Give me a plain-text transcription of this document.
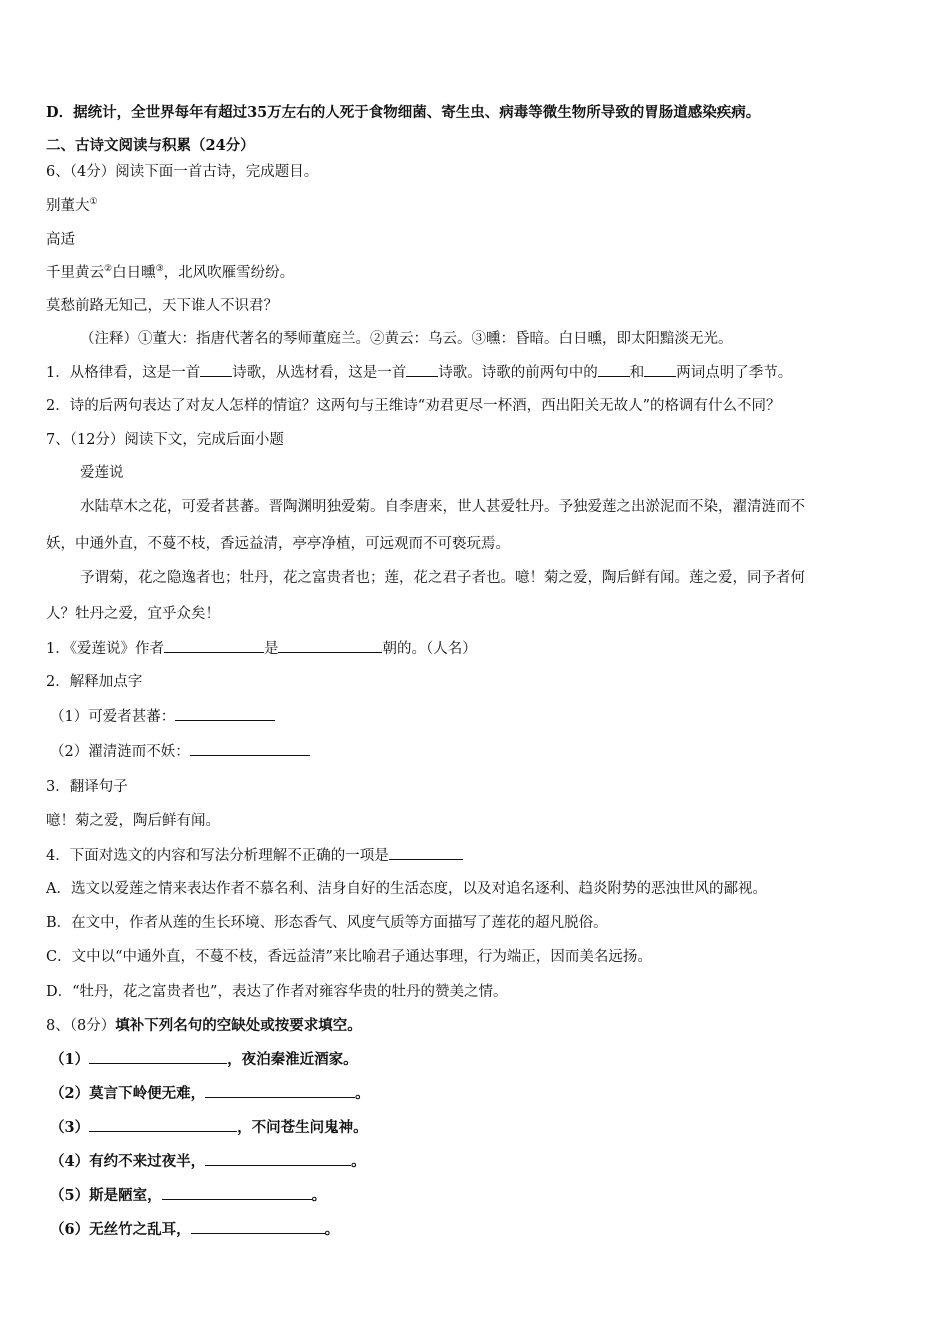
D．据统计，全世界每年有超过35万左右的人死于食物细菌、寄生虫、病毒等微生物所导致的胃肠道感染疾病。
二、古诗文阅读与积累（24分）
6、（4分）阅读下面一首古诗，完成题目。
别董大①
高适
千里黄云②白日曛③，北风吹雁雪纷纷。
莫愁前路无知己，天下谁人不识君？
（注释）①董大：指唐代著名的琴师董庭兰。②黄云：乌云。③曛：昏暗。白日曛，即太阳黯淡无光。
1．从格律看，这是一首 诗歌，从选材看，这是一首 诗歌。诗歌的前两句中的 和 两词点明了季节。
2．诗的后两句表达了对友人怎样的情谊？这两句与王维诗“劝君更尽一杯酒，西出阳关无故人”的格调有什么不同？
7、（12分）阅读下文，完成后面小题
爱莲说
水陆草木之花，可爱者甚蕃。晋陶渊明独爱菊。自李唐来，世人甚爱牡丹。予独爱莲之出淤泥而不染，濯清涟而不
妖，中通外直，不蔓不枝，香远益清，亭亭净植，可远观而不可亵玩焉。
予谓菊，花之隐逸者也；牡丹，花之富贵者也；莲，花之君子者也。噫！菊之爱，陶后鲜有闻。莲之爱，同予者何
人？牡丹之爱，宜乎众矣！
1．《爱莲说》作者	是	朝的。（人名）
2．解释加点字
（1）可爱者甚蕃：
（2）濯清涟而不妖：
3．翻译句子
噫！菊之爱，陶后鲜有闻。
4．下面对选文的内容和写法分析理解不正确的一项是
A．选文以爱莲之情来表达作者不慕名利、洁身自好的生活态度，以及对追名逐利、趋炎附势的恶浊世风的鄙视。
B．在文中，作者从莲的生长环境、形态香气、风度气质等方面描写了莲花的超凡脱俗。
C．文中以“中通外直，不蔓不枝，香远益清”来比喻君子通达事理，行为端正，因而美名远扬。
D．“牡丹，花之富贵者也”，表达了作者对雍容华贵的牡丹的赞美之情。
8、（8分）填补下列名句的空缺处或按要求填空。
（1）	，夜泊秦淮近酒家。
（2）莫言下岭便无难，	。
（3）	，不问苍生问鬼神。
（4）有约不来过夜半，	。
（5）斯是陋室，	。
（6）无丝竹之乱耳，	。
